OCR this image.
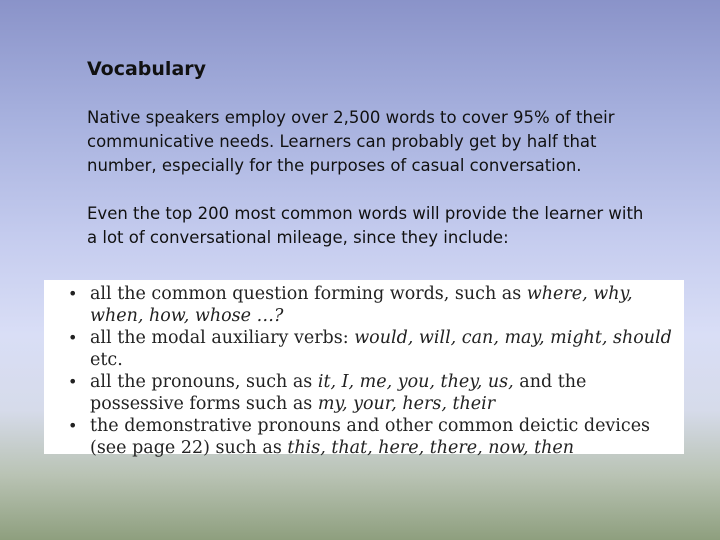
Vocabulary

Native speakers employ over 2,500 words to cover 95% of their communicative needs. Learners can probably get by half that number, especially for the purposes of casual conversation.

Even the top 200 most common words will provide the learner with a lot of conversational mileage, since they include:

• all the common question forming words, such as where, why, when, how, whose …?
• all the modal auxiliary verbs: would, will, can, may, might, should etc.
• all the pronouns, such as it, I, me, you, they, us, and the possessive forms such as my, your, hers, their
• the demonstrative pronouns and other common deictic devices (see page 22) such as this, that, here, there, now, then
